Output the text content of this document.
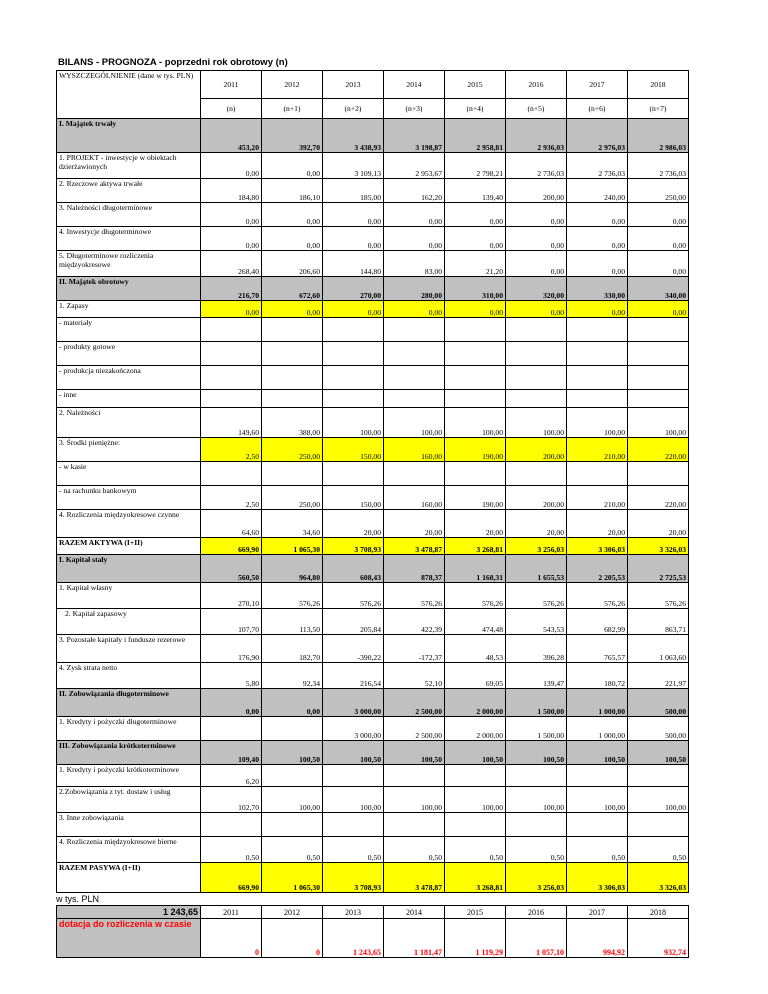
BILANS - PROGNOZA - poprzedni rok obrotowy (n)
WYSZCZEGÓLNIENIE (dane w tys. PLN)	2011	2012	2013	2014	2015	2016	2017	2018
	(n)	(n+1)	(n+2)	(n+3)	(n+4)	(n+5)	(n+6)	(n+7)
I. Majątek trwały	453,20	392,70	3 438,93	3 198,87	2 958,81	2 936,03	2 976,03	2 986,03
1. PROJEKT - inwestycje w obiektach dzierżawionych	0,00	0,00	3 109,13	2 953,67	2 798,21	2 736,03	2 736,03	2 736,03
2. Rzeczowe aktywa trwałe	184,80	186,10	185,00	162,20	139,40	200,00	240,00	250,00
3. Należności długoterminowe	0,00	0,00	0,00	0,00	0,00	0,00	0,00	0,00
4. Inwestycje długoterminowe	0,00	0,00	0,00	0,00	0,00	0,00	0,00	0,00
5. Długoterminowe rozliczenia międzyokresowe	268,40	206,60	144,80	83,00	21,20	0,00	0,00	0,00
II. Majątek obrotowy	216,70	672,60	270,00	280,00	310,00	320,00	330,00	340,00
1. Zapasy	0,00	0,00	0,00	0,00	0,00	0,00	0,00	0,00
- materiały								
- produkty gotowe								
- produkcja niezakończona								
- inne								
2. Należności	149,60	388,00	100,00	100,00	100,00	100,00	100,00	100,00
3. Środki pieniężne:	2,50	250,00	150,00	160,00	190,00	200,00	210,00	220,00
- w kasie								
- na rachunku bankowym	2,50	250,00	150,00	160,00	190,00	200,00	210,00	220,00
4. Rozliczenia międzyokresowe czynne	64,60	34,60	20,00	20,00	20,00	20,00	20,00	20,00
RAZEM AKTYWA (I+II)	669,90	1 065,30	3 708,93	3 478,87	3 268,81	3 256,03	3 306,03	3 326,03
I. Kapitał stały	560,50	964,80	608,43	878,37	1 168,31	1 655,53	2 205,53	2 725,53
1. Kapitał własny	270,10	576,26	576,26	576,26	576,26	576,26	576,26	576,26
2. Kapitał zapasowy	107,70	113,50	205,84	422,39	474,48	543,53	682,99	863,71
3. Pozostałe kapitały i fundusze rezerowe	176,90	182,70	-390,22	-172,37	48,53	396,28	765,57	1 063,60
4. Zysk strata netto	5,80	92,34	216,54	52,10	69,05	139,47	180,72	221,97
II. Zobowiązania długoterminowe	0,00	0,00	3 000,00	2 500,00	2 000,00	1 500,00	1 000,00	500,00
1. Kredyty i pożyczki długoterminowe			3 000,00	2 500,00	2 000,00	1 500,00	1 000,00	500,00
III. Zobowiązania krótkoterminowe	109,40	100,50	100,50	100,50	100,50	100,50	100,50	100,50
1. Kredyty i pożyczki krótkoterminowe	6,20							
2.Zobowiązania z tyt. dostaw i usług	102,70	100,00	100,00	100,00	100,00	100,00	100,00	100,00
3. Inne zobowiązania								
4. Rozliczenia międzyokresowe bierne	0,50	0,50	0,50	0,50	0,50	0,50	0,50	0,50
RAZEM PASYWA (I+II)	669,90	1 065,30	3 708,93	3 478,87	3 268,81	3 256,03	3 306,03	3 326,03
w tys. PLN
1 243,65	2011	2012	2013	2014	2015	2016	2017	2018
dotacja do rozliczenia w czasie	0	0	1 243,65	1 181,47	1 119,29	1 057,10	994,92	932,74
